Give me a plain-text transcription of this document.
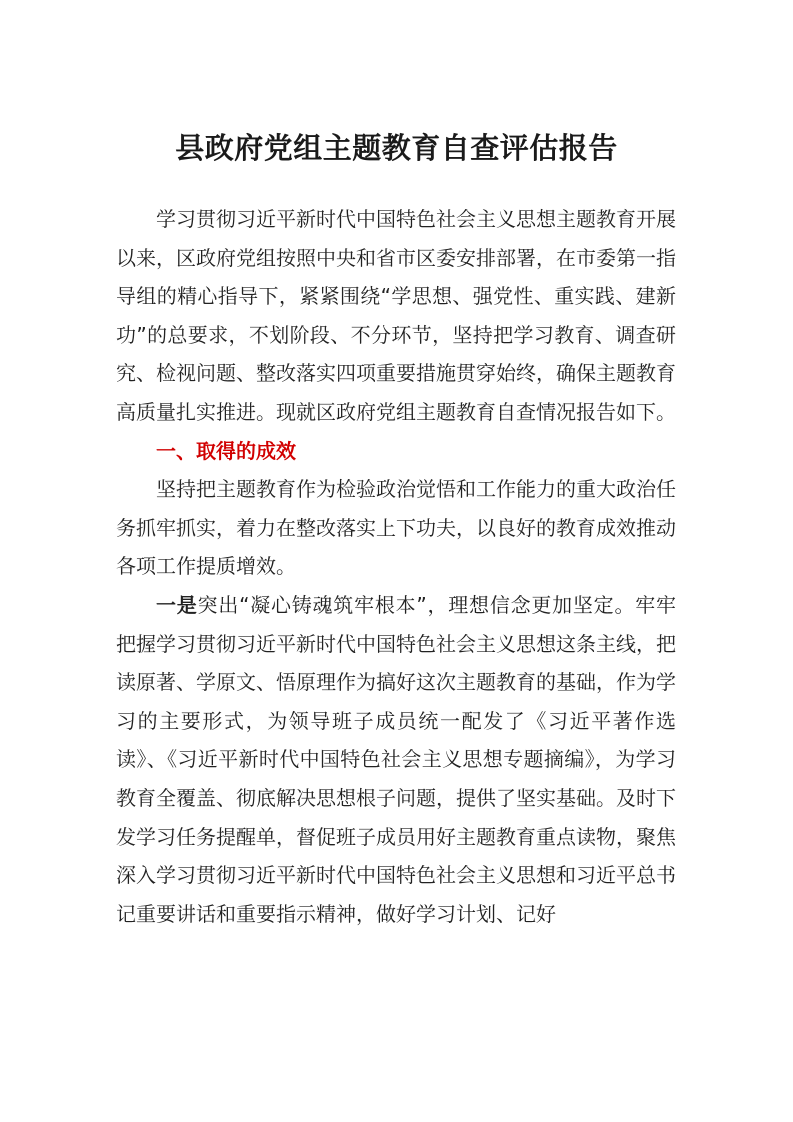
县政府党组主题教育自查评估报告

学习贯彻习近平新时代中国特色社会主义思想主题教育开展以来，区政府党组按照中央和省市区委安排部署，在市委第一指导组的精心指导下，紧紧围绕“学思想、强党性、重实践、建新功”的总要求，不划阶段、不分环节，坚持把学习教育、调查研究、检视问题、整改落实四项重要措施贯穿始终，确保主题教育高质量扎实推进。现就区政府党组主题教育自查情况报告如下。

一、取得的成效

坚持把主题教育作为检验政治觉悟和工作能力的重大政治任务抓牢抓实，着力在整改落实上下功夫，以良好的教育成效推动各项工作提质增效。

一是突出“凝心铸魂筑牢根本”，理想信念更加坚定。牢牢把握学习贯彻习近平新时代中国特色社会主义思想这条主线，把读原著、学原文、悟原理作为搞好这次主题教育的基础，作为学习的主要形式，为领导班子成员统一配发了《习近平著作选读》、《习近平新时代中国特色社会主义思想专题摘编》，为学习教育全覆盖、彻底解决思想根子问题，提供了坚实基础。及时下发学习任务提醒单，督促班子成员用好主题教育重点读物，聚焦深入学习贯彻习近平新时代中国特色社会主义思想和习近平总书记重要讲话和重要指示精神，做好学习计划、记好
